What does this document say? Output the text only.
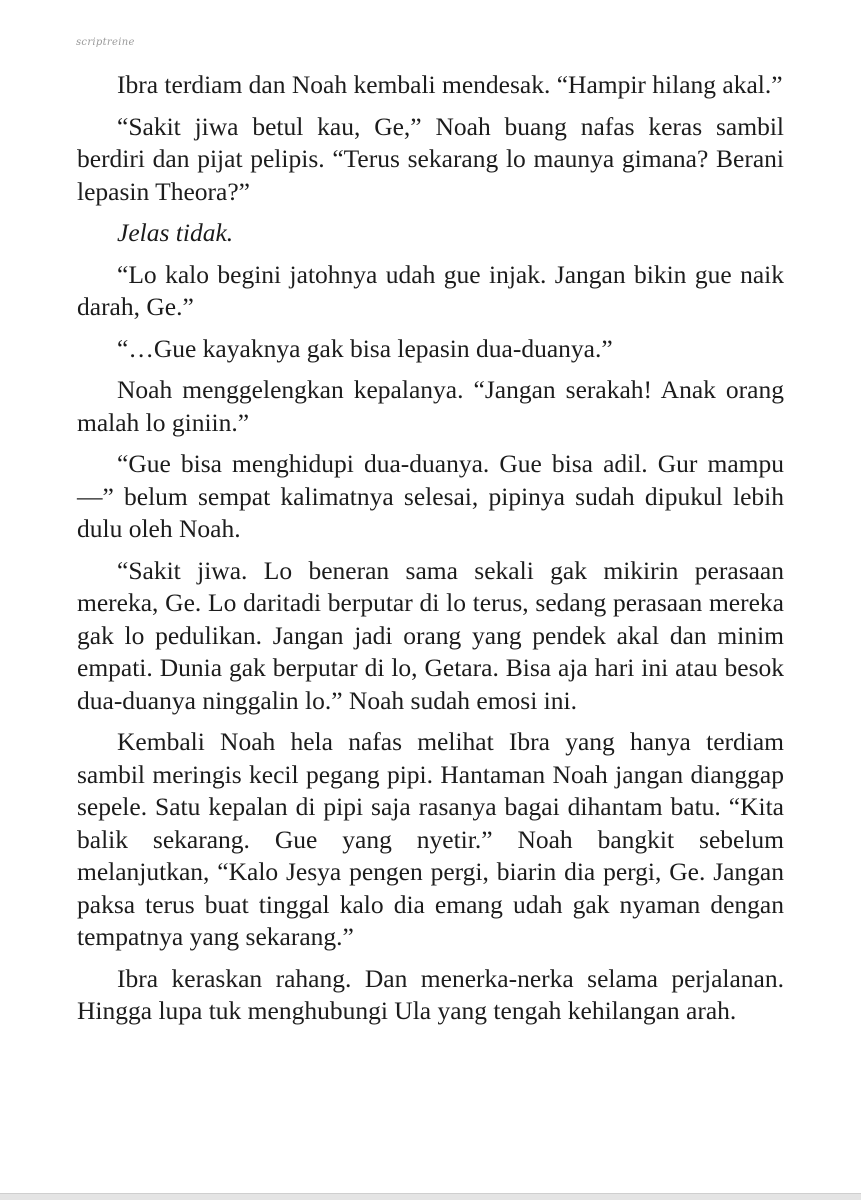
scriptreine

Ibra terdiam dan Noah kembali mendesak. “Hampir hilang akal.”

“Sakit jiwa betul kau, Ge,” Noah buang nafas keras sambil berdiri dan pijat pelipis. “Terus sekarang lo maunya gimana? Berani lepasin Theora?”

Jelas tidak.

“Lo kalo begini jatohnya udah gue injak. Jangan bikin gue naik darah, Ge.”

“…Gue kayaknya gak bisa lepasin dua-duanya.”

Noah menggelengkan kepalanya. “Jangan serakah! Anak orang malah lo giniin.”

“Gue bisa menghidupi dua-duanya. Gue bisa adil. Gur mampu—” belum sempat kalimatnya selesai, pipinya sudah dipukul lebih dulu oleh Noah.

“Sakit jiwa. Lo beneran sama sekali gak mikirin perasaan mereka, Ge. Lo daritadi berputar di lo terus, sedang perasaan mereka gak lo pedulikan. Jangan jadi orang yang pendek akal dan minim empati. Dunia gak berputar di lo, Getara. Bisa aja hari ini atau besok dua-duanya ninggalin lo.” Noah sudah emosi ini.

Kembali Noah hela nafas melihat Ibra yang hanya terdiam sambil meringis kecil pegang pipi. Hantaman Noah jangan dianggap sepele. Satu kepalan di pipi saja rasanya bagai dihantam batu. “Kita balik sekarang. Gue yang nyetir.” Noah bangkit sebelum melanjutkan, “Kalo Jesya pengen pergi, biarin dia pergi, Ge. Jangan paksa terus buat tinggal kalo dia emang udah gak nyaman dengan tempatnya yang sekarang.”

Ibra keraskan rahang. Dan menerka-nerka selama perjalanan. Hingga lupa tuk menghubungi Ula yang tengah kehilangan arah.
